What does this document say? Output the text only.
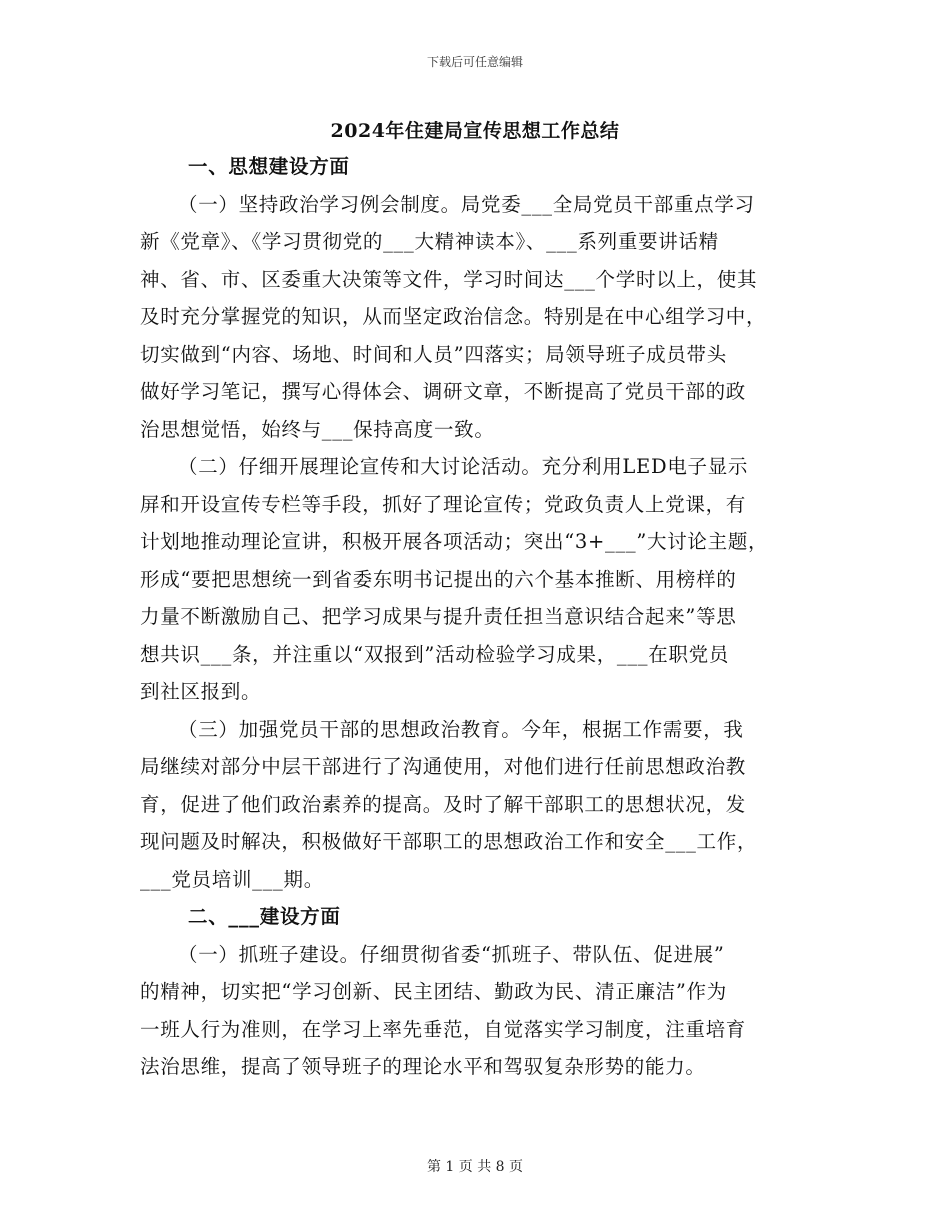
下载后可任意编辑
2024年住建局宣传思想工作总结
一、思想建设方面
（一）坚持政治学习例会制度。局党委___全局党员干部重点学习
新《党章》、《学习贯彻党的___大精神读本》、___系列重要讲话精
神、省、市、区委重大决策等文件，学习时间达___个学时以上，使其
及时充分掌握党的知识，从而坚定政治信念。特别是在中心组学习中，
切实做到“内容、场地、时间和人员”四落实；局领导班子成员带头
做好学习笔记，撰写心得体会、调研文章，不断提高了党员干部的政
治思想觉悟，始终与___保持高度一致。
（二）仔细开展理论宣传和大讨论活动。充分利用LED电子显示
屏和开设宣传专栏等手段，抓好了理论宣传；党政负责人上党课，有
计划地推动理论宣讲，积极开展各项活动；突出“3+___”大讨论主题，
形成“要把思想统一到省委东明书记提出的六个基本推断、用榜样的
力量不断激励自己、把学习成果与提升责任担当意识结合起来”等思
想共识___条，并注重以“双报到”活动检验学习成果，___在职党员
到社区报到。
（三）加强党员干部的思想政治教育。今年，根据工作需要，我
局继续对部分中层干部进行了沟通使用，对他们进行任前思想政治教
育，促进了他们政治素养的提高。及时了解干部职工的思想状况，发
现问题及时解决，积极做好干部职工的思想政治工作和安全___工作，
___党员培训___期。
二、___建设方面
（一）抓班子建设。仔细贯彻省委“抓班子、带队伍、促进展”
的精神，切实把“学习创新、民主团结、勤政为民、清正廉洁”作为
一班人行为准则，在学习上率先垂范，自觉落实学习制度，注重培育
法治思维，提高了领导班子的理论水平和驾驭复杂形势的能力。
第 1 页 共 8 页
